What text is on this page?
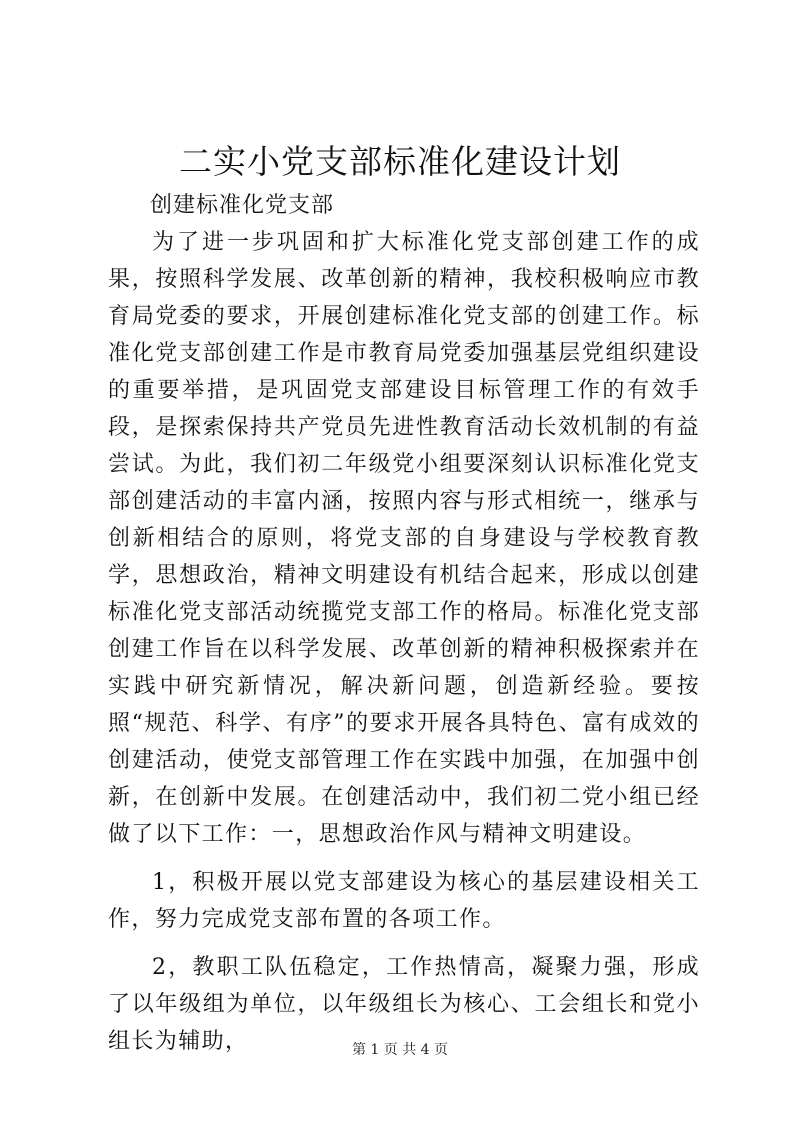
二实小党支部标准化建设计划
创建标准化党支部

为了进一步巩固和扩大标准化党支部创建工作的成果，按照科学发展、改革创新的精神，我校积极响应市教育局党委的要求，开展创建标准化党支部的创建工作。标准化党支部创建工作是市教育局党委加强基层党组织建设的重要举措，是巩固党支部建设目标管理工作的有效手段，是探索保持共产党员先进性教育活动长效机制的有益尝试。为此，我们初二年级党小组要深刻认识标准化党支部创建活动的丰富内涵，按照内容与形式相统一，继承与创新相结合的原则，将党支部的自身建设与学校教育教学，思想政治，精神文明建设有机结合起来，形成以创建标准化党支部活动统揽党支部工作的格局。标准化党支部创建工作旨在以科学发展、改革创新的精神积极探索并在实践中研究新情况，解决新问题，创造新经验。要按照“规范、科学、有序”的要求开展各具特色、富有成效的创建活动，使党支部管理工作在实践中加强，在加强中创新，在创新中发展。在创建活动中，我们初二党小组已经做了以下工作：一，思想政治作风与精神文明建设。

1，积极开展以党支部建设为核心的基层建设相关工作，努力完成党支部布置的各项工作。

2，教职工队伍稳定，工作热情高，凝聚力强，形成了以年级组为单位，以年级组长为核心、工会组长和党小组长为辅助，	第 1 页 共 4 页
